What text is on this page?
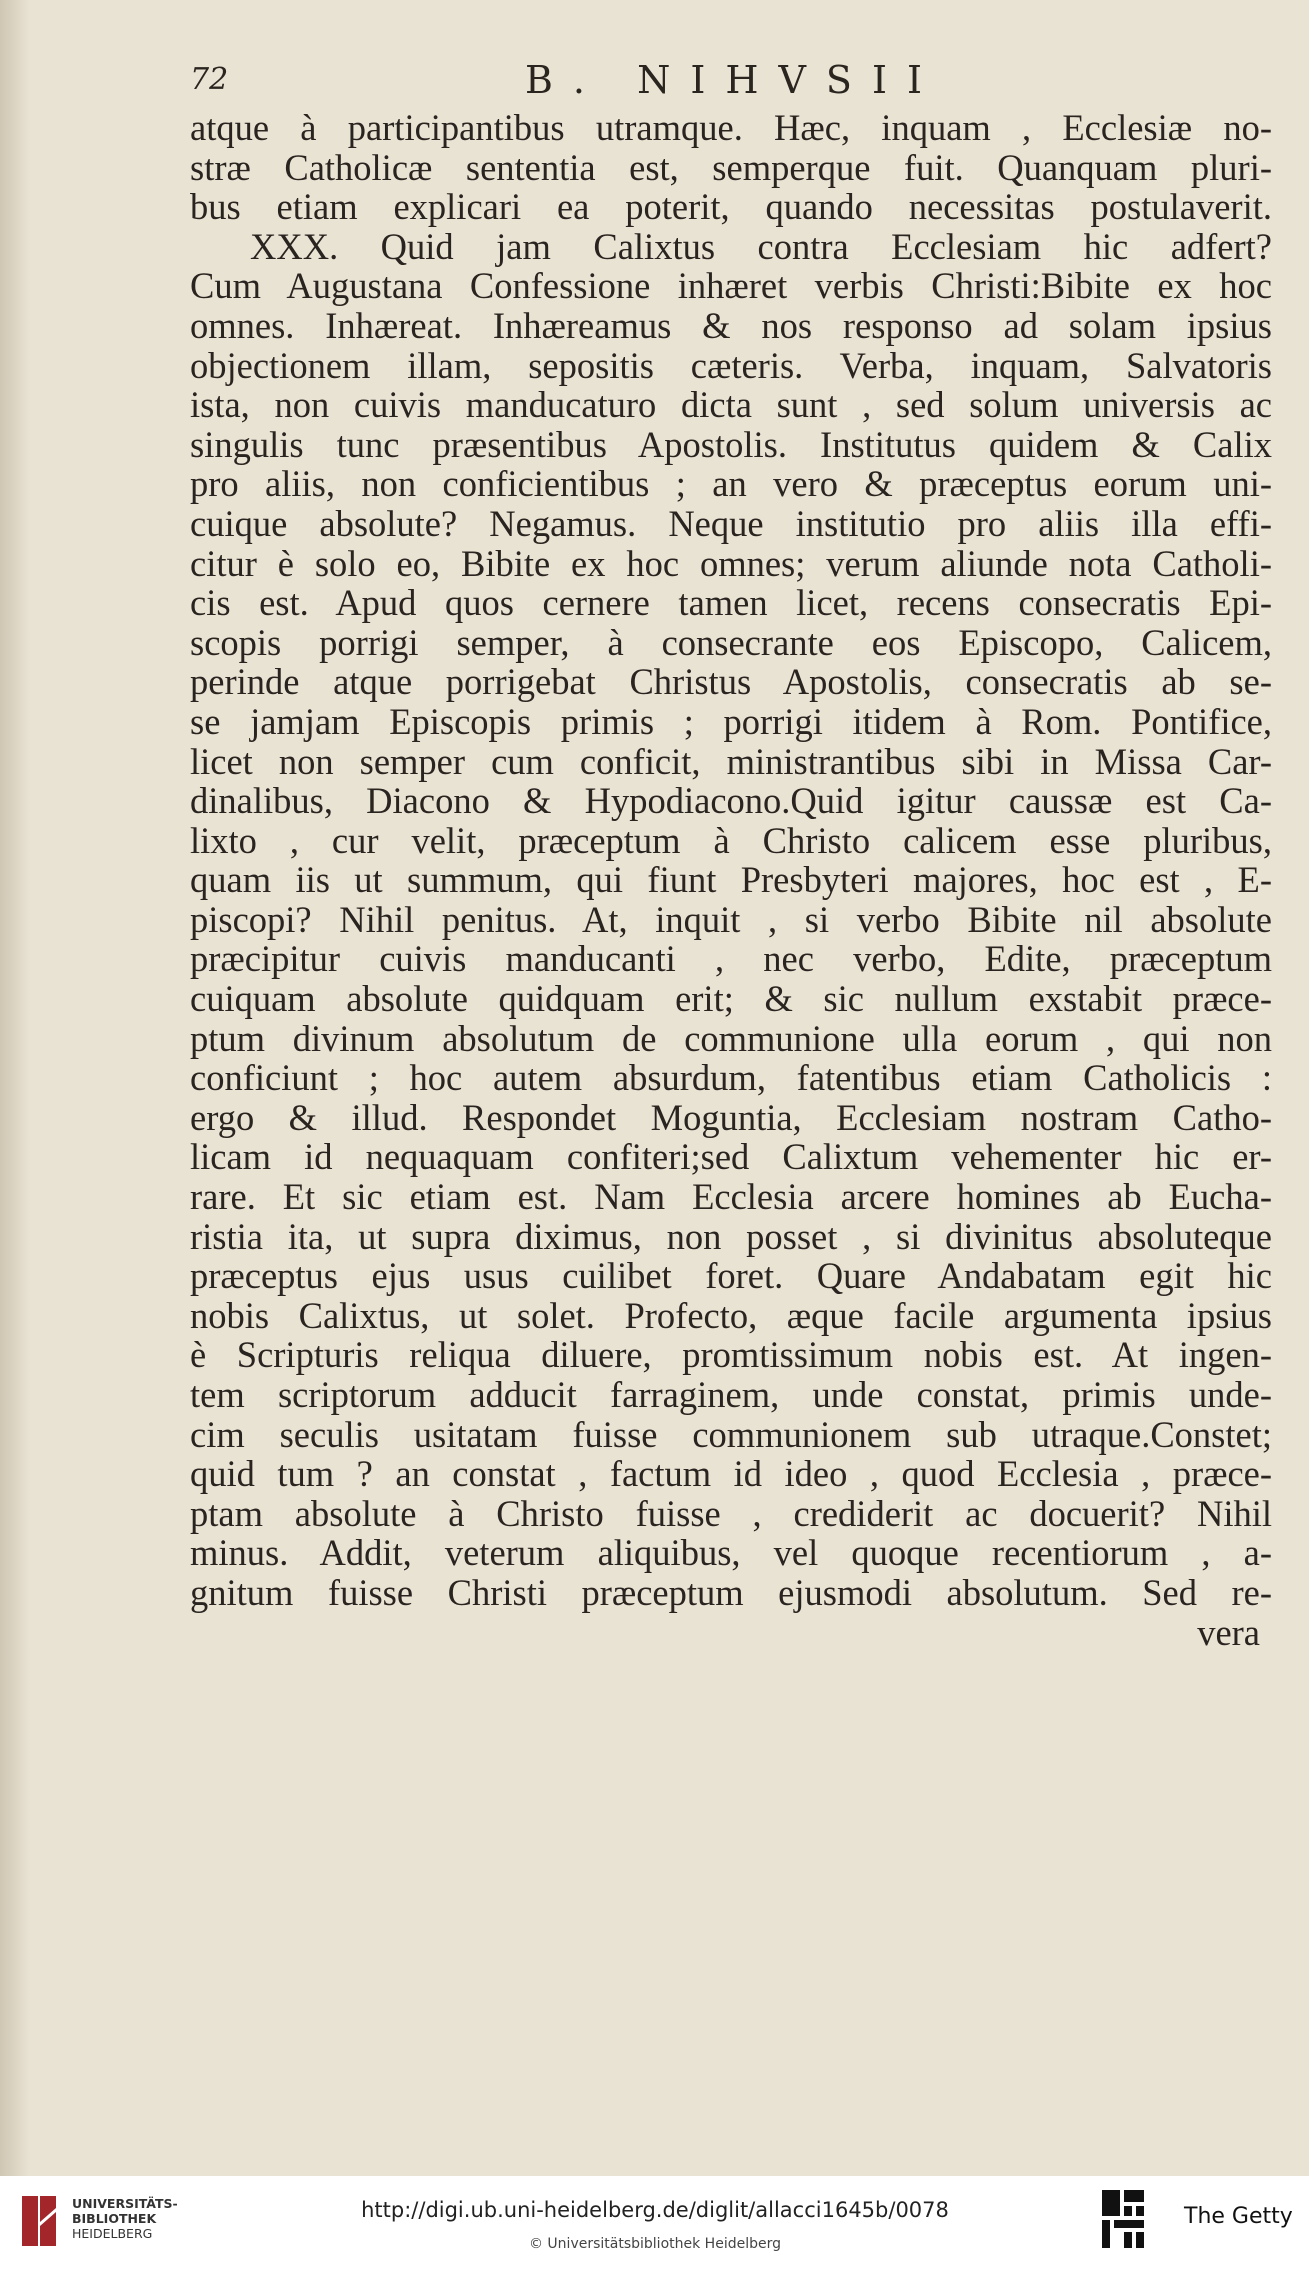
72	B. NIHVSII
atque à participantibus utramque. Hæc, inquam , Ecclesiæ no-
stræ Catholicæ sententia est, semperque fuit. Quanquam pluri-
bus etiam explicari ea poterit, quando necessitas postulaverit.
XXX. Quid jam Calixtus contra Ecclesiam hic adfert?
Cum Augustana Confessione inhæret verbis Christi:Bibite ex hoc
omnes. Inhæreat. Inhæreamus & nos responso ad solam ipsius
objectionem illam, sepositis cæteris. Verba, inquam, Salvatoris
ista, non cuivis manducaturo dicta sunt , sed solum universis ac
singulis tunc præsentibus Apostolis. Institutus quidem & Calix
pro aliis, non conficientibus ; an vero & præceptus eorum uni-
cuique absolute? Negamus. Neque institutio pro aliis illa effi-
citur è solo eo, Bibite ex hoc omnes; verum aliunde nota Catholi-
cis est. Apud quos cernere tamen licet, recens consecratis Epi-
scopis porrigi semper, à consecrante eos Episcopo, Calicem,
perinde atque porrigebat Christus Apostolis, consecratis ab se-
se jamjam Episcopis primis ; porrigi itidem à Rom. Pontifice,
licet non semper cum conficit, ministrantibus sibi in Missa Car-
dinalibus, Diacono & Hypodiacono.Quid igitur caussæ est Ca-
lixto , cur velit, præceptum à Christo calicem esse pluribus,
quam iis ut summum, qui fiunt Presbyteri majores, hoc est , E-
piscopi? Nihil penitus. At, inquit , si verbo Bibite nil absolute
præcipitur cuivis manducanti , nec verbo, Edite, præceptum
cuiquam absolute quidquam erit; & sic nullum exstabit præce-
ptum divinum absolutum de communione ulla eorum , qui non
conficiunt ; hoc autem absurdum, fatentibus etiam Catholicis :
ergo & illud. Respondet Moguntia, Ecclesiam nostram Catho-
licam id nequaquam confiteri;sed Calixtum vehementer hic er-
rare. Et sic etiam est. Nam Ecclesia arcere homines ab Eucha-
ristia ita, ut supra diximus, non posset , si divinitus absoluteque
præceptus ejus usus cuilibet foret. Quare Andabatam egit hic
nobis Calixtus, ut solet. Profecto, æque facile argumenta ipsius
è Scripturis reliqua diluere, promtissimum nobis est. At ingen-
tem scriptorum adducit farraginem, unde constat, primis unde-
cim seculis usitatam fuisse communionem sub utraque.Constet;
quid tum ? an constat , factum id ideo , quod Ecclesia , præce-
ptam absolute à Christo fuisse , crediderit ac docuerit? Nihil
minus. Addit, veterum aliquibus, vel quoque recentiorum , a-
gnitum fuisse Christi præceptum ejusmodi absolutum. Sed re-
vera
UNIVERSITÄTS-
BIBLIOTHEK
HEIDELBERG
http://digi.ub.uni-heidelberg.de/diglit/allacci1645b/0078
© Universitätsbibliothek Heidelberg
The Getty
